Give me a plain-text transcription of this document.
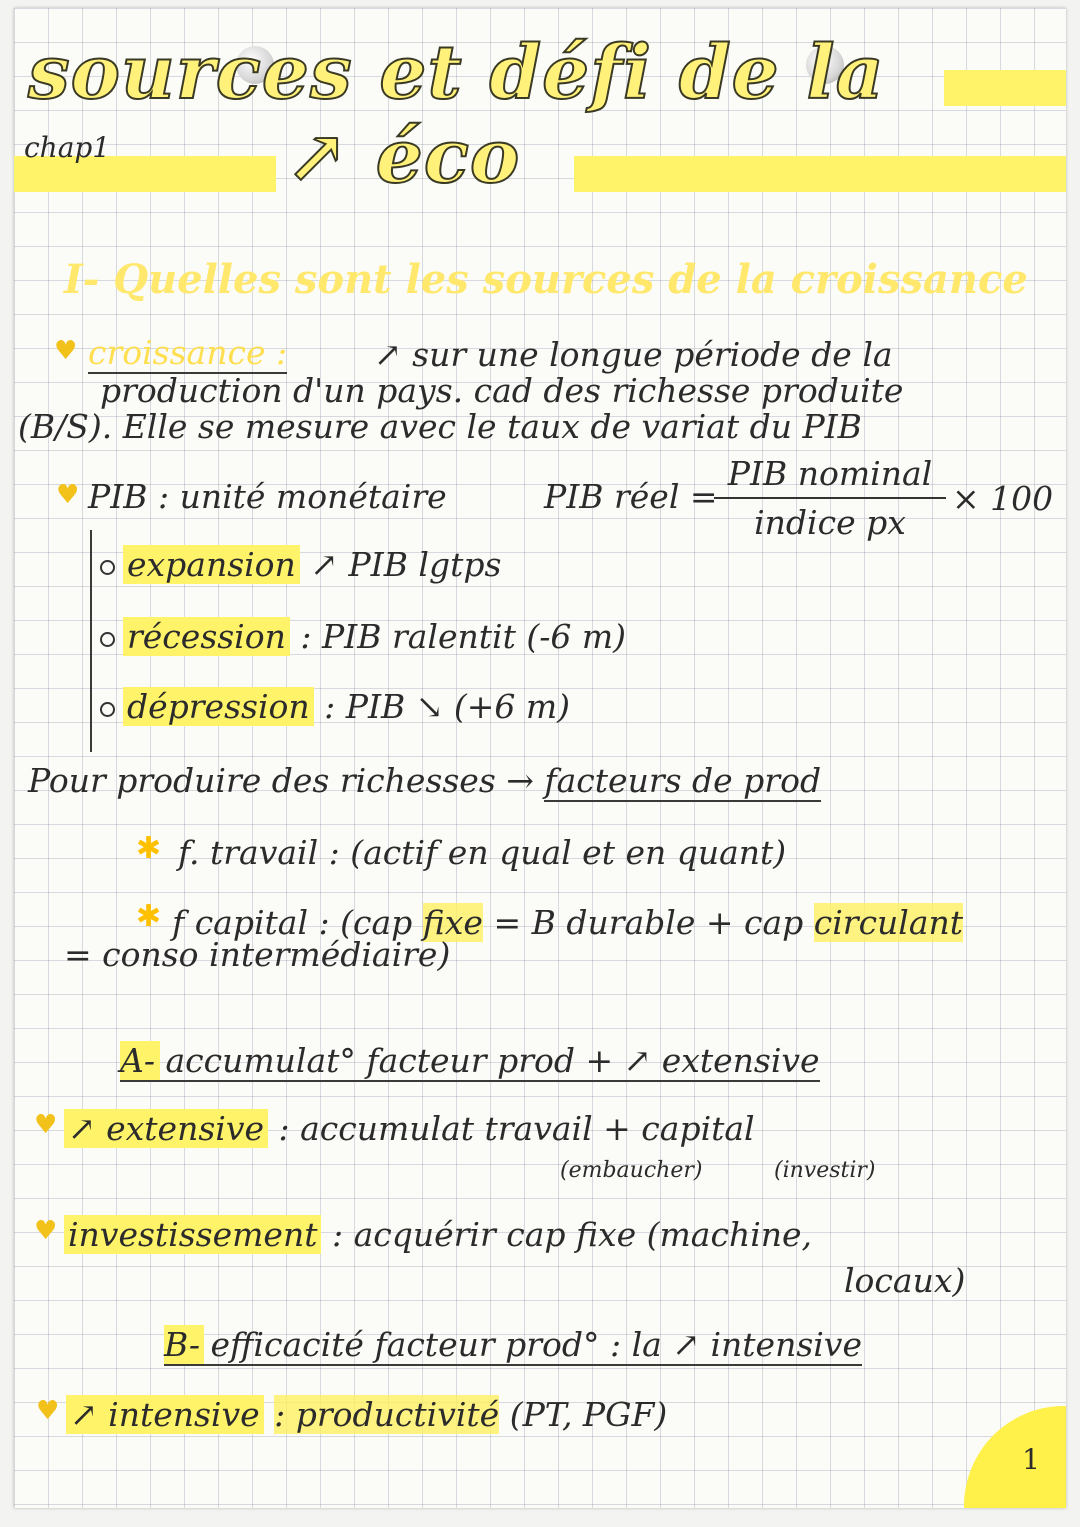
sources et défi de la
↗ éco
chap1
I- Quelles sont les sources de la croissance
♥ croissance :	↗ sur une longue période de la
production d'un pays. cad des richesse produite
(B/S). Elle se mesure avec le taux de variat du PIB
♥ PIB : unité monétaire	PIB réel =
PIB nominal
indice px
× 100
expansion ↗ PIB lgtps
récession : PIB ralentit (-6 m)
dépression : PIB ↘ (+6 m)
Pour produire des richesses → facteurs de prod
✱ f. travail : (actif en qual et en quant)
✱ f capital : (cap fixe = B durable + cap circulant
= conso intermédiaire)
A- accumulat° facteur prod + ↗ extensive
♥ ↗ extensive : accumulat travail + capital
(embaucher)	(investir)
♥ investissement : acquérir cap fixe (machine,
locaux)
B- efficacité facteur prod° : la ↗ intensive
♥ ↗ intensive : productivité (PT, PGF)
1
